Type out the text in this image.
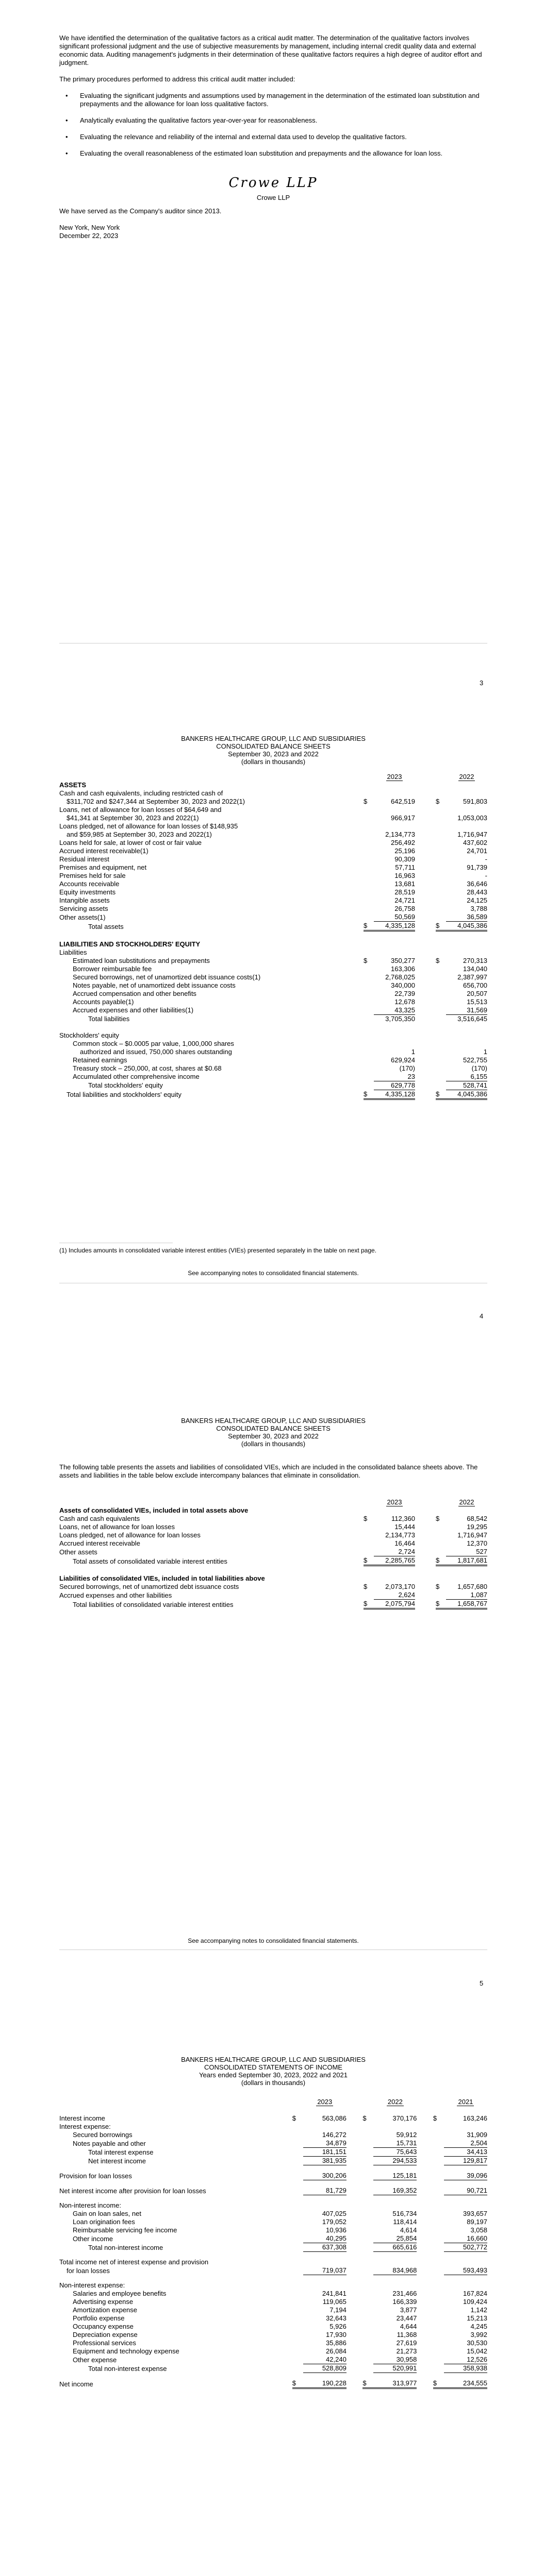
We have identified the determination of the qualitative factors as a critical audit matter. The determination of the qualitative factors involves significant professional judgment and the use of subjective measurements by management, including internal credit quality data and external economic data. Auditing management's judgments in their determination of these qualitative factors requires a high degree of auditor effort and judgment.

The primary procedures performed to address this critical audit matter included:

• Evaluating the significant judgments and assumptions used by management in the determination of the estimated loan substitution and prepayments and the allowance for loan loss qualitative factors.
• Analytically evaluating the qualitative factors year-over-year for reasonableness.
• Evaluating the relevance and reliability of the internal and external data used to develop the qualitative factors.
• Evaluating the overall reasonableness of the estimated loan substitution and prepayments and the allowance for loan loss.
Crowe LLP

Crowe LLP

We have served as the Company's auditor since 2013.

New York, New York

December 22, 2023

3
BANKERS HEALTHCARE GROUP, LLC AND SUBSIDIARIES
CONSOLIDATED BALANCE SHEETS
September 30, 2023 and 2022
(dollars in thousands)
		2023			2022
ASSETS					
Cash and cash equivalents, including restricted cash of					
$311,702 and $247,344 at September 30, 2023 and 2022(1)	$	642,519		$	591,803
Loans, net of allowance for loan losses of $64,649 and					
$41,341 at September 30, 2023 and 2022(1)		966,917			1,053,003
Loans pledged, net of allowance for loan losses of $148,935					
and $59,985 at September 30, 2023 and 2022(1)		2,134,773			1,716,947
Loans held for sale, at lower of cost or fair value		256,492			437,602
Accrued interest receivable(1)		25,196			24,701
Residual interest		90,309			-
Premises and equipment, net		57,711			91,739
Premises held for sale		16,963			-
Accounts receivable		13,681			36,646
Equity investments		28,519			28,443
Intangible assets		24,721			24,125
Servicing assets		26,758			3,788
Other assets(1)		50,569			36,589
Total assets	$	4,335,128		$	4,045,386

LIABILITIES AND STOCKHOLDERS' EQUITY					
Liabilities					
Estimated loan substitutions and prepayments	$	350,277		$	270,313
Borrower reimbursable fee		163,306			134,040
Secured borrowings, net of unamortized debt issuance costs(1)		2,768,025			2,387,997
Notes payable, net of unamortized debt issuance costs		340,000			656,700
Accrued compensation and other benefits		22,739			20,507
Accounts payable(1)		12,678			15,513
Accrued expenses and other liabilities(1)		43,325			31,569
Total liabilities		3,705,350			3,516,645

Stockholders' equity					
Common stock – $0.0005 par value, 1,000,000 shares					
authorized and issued, 750,000 shares outstanding		1			1
Retained earnings		629,924			522,755
Treasury stock – 250,000, at cost, shares at $0.68		(170)			(170)
Accumulated other comprehensive income		23			6,155
Total stockholders' equity		629,778			528,741
Total liabilities and stockholders' equity	$	4,335,128		$	4,045,386
(1) Includes amounts in consolidated variable interest entities (VIEs) presented separately in the table on next page.
See accompanying notes to consolidated financial statements.
4
BANKERS HEALTHCARE GROUP, LLC AND SUBSIDIARIES
CONSOLIDATED BALANCE SHEETS
September 30, 2023 and 2022
(dollars in thousands)

The following table presents the assets and liabilities of consolidated VIEs, which are included in the consolidated balance sheets above. The assets and liabilities in the table below exclude intercompany balances that eliminate in consolidation.

		2023			2022
Assets of consolidated VIEs, included in total assets above					
Cash and cash equivalents	$	112,360		$	68,542
Loans, net of allowance for loan losses		15,444			19,295
Loans pledged, net of allowance for loan losses		2,134,773			1,716,947
Accrued interest receivable		16,464			12,370
Other assets		2,724			527
Total assets of consolidated variable interest entities	$	2,285,765		$	1,817,681

Liabilities of consolidated VIEs, included in total liabilities above					
Secured borrowings, net of unamortized debt issuance costs	$	2,073,170		$	1,657,680
Accrued expenses and other liabilities		2,624			1,087
Total liabilities of consolidated variable interest entities	$	2,075,794		$	1,658,767
See accompanying notes to consolidated financial statements.
5
BANKERS HEALTHCARE GROUP, LLC AND SUBSIDIARIES
CONSOLIDATED STATEMENTS OF INCOME
Years ended September 30, 2023, 2022 and 2021
(dollars in thousands)
		2023			2022			2021

Interest income	$	563,086		$	370,176		$	163,246
Interest expense:								
Secured borrowings		146,272			59,912			31,909
Notes payable and other		34,879			15,731			2,504
Total interest expense		181,151			75,643			34,413
Net interest income		381,935			294,533			129,817

Provision for loan losses		300,206			125,181			39,096

Net interest income after provision for loan losses		81,729			169,352			90,721

Non-interest income:								
Gain on loan sales, net		407,025			516,734			393,657
Loan origination fees		179,052			118,414			89,197
Reimbursable servicing fee income		10,936			4,614			3,058
Other income		40,295			25,854			16,660
Total non-interest income		637,308			665,616			502,772

Total income net of interest expense and provision								
for loan losses		719,037			834,968			593,493

Non-interest expense:								
Salaries and employee benefits		241,841			231,466			167,824
Advertising expense		119,065			166,339			109,424
Amortization expense		7,194			3,877			1,142
Portfolio expense		32,643			23,447			15,213
Occupancy expense		5,926			4,644			4,245
Depreciation expense		17,930			11,368			3,992
Professional services		35,886			27,619			30,530
Equipment and technology expense		26,084			21,273			15,042
Other expense		42,240			30,958			12,526
Total non-interest expense		528,809			520,991			358,938

Net income	$	190,228		$	313,977		$	234,555
